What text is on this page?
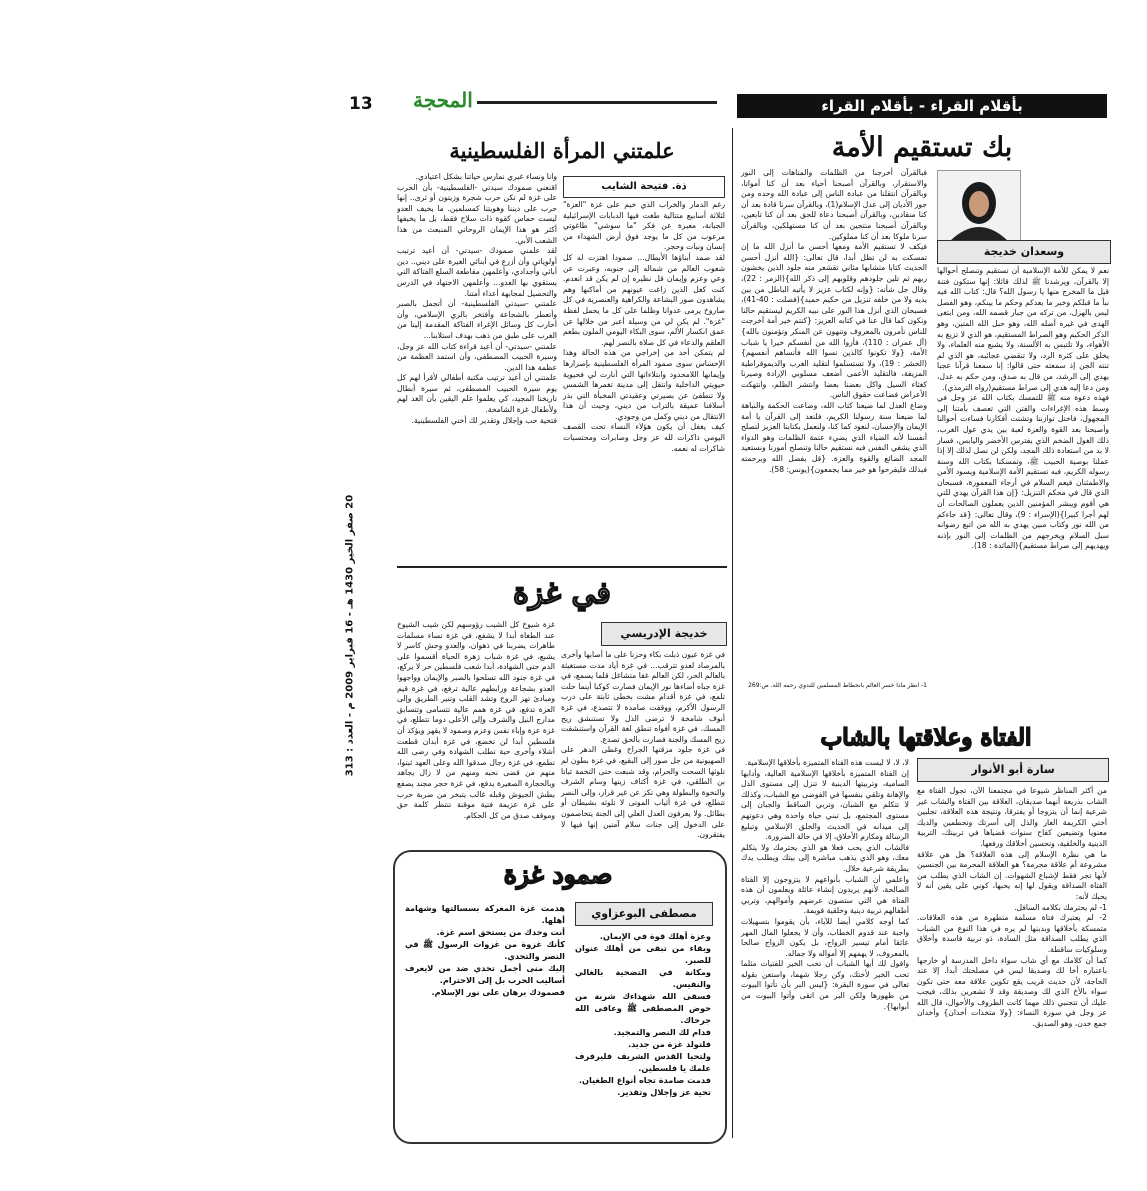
13 المحجة	بأقلام القراء - بأقلام القراء
20 صفر الخير 1430 هـ - 16 فبراير 2009 م - العدد : 313
بك تستقيم الأمة
وسعدان خديجة
نعم لا يمكن للأمة الإسلامية أن تستقيم وتنصلح أحوالها إلا بالقرآن، ويرشدنا ﷺ لذلك قائلا: إنها ستكون فتنة قيل ما المخرج منها يا رسول الله؟ قال: كتاب الله فيه نبأ ما قبلكم وخبر ما بعدكم وحكم ما بينكم، وهو الفصل ليس بالهزل، من تركه من جبار قصمه الله، ومن ابتغى الهدى في غيره أضله الله، وهو حبل الله المتين، وهو الذكر الحكيم وهو الصراط المستقيم، هو الذي لا تزيغ به الأهواء، ولا تلتبس به الألسنة، ولا يشبع منه العلماء، ولا يخلق على كثرة الرد، ولا تنقضي عجائبه، هو الذي لم تنته الجن إذ سمعته حتى قالوا: إنا سمعنا قرآنا عجبا يهدي إلى الرشد، من قال به صدق، ومن حكم به عدل، ومن دعا إليه هدي إلى صراط مستقيم(رواه الترمذي).
فهذه دعوة منه ﷺ للتمسك بكتاب الله عز وجل في وسط هذه الإغراءات والفتن التي تعصف بأمتنا إلى المجهول، فاختل توازننا وتشتت أفكارنا فساءت أحوالنا وأصبحنا بعد القوة والعزة لعبة بين يدي عول الغرب، ذلك الغول الضخم الذي يفترس الأخضر واليابس، فسار لا بد من استعادة ذلك المجد، ولكن لن نصل لذلك إلا إذا عملنا بوصية الحبيب ﷺ، وتمسكنا بكتاب الله وسنة رسوله الكريم، فبه تستقيم الأمة الإسلامية ويسود الأمن والاطمئنان فيعم السلام في أرجاء المعمورة، فسبحان الذي قال في محكم التنزيل: {إن هذا القرآن يهدي للتي هي أقوم ويبشر المؤمنين الذين يعملون الصالحات أن لهم أجرا كبيرا}(الإسراء : 9)، وقال تعالى: {قد جاءكم من الله نور وكتاب مبين يهدي به الله من اتبع رضوانه سبل السلام ويخرجهم من الظلمات إلى النور بإذنه ويهديهم إلى صراط مستقيم}(المائدة : 18).
فبالقرآن أخرجنا من الظلمات والمتاهات إلى النور والاستقرار، وبالقرآن أصبحنا أحياء بعد أن كنا أمواتا، وبالقرآن انتقلنا من عبادة الناس إلى عبادة الله وحده ومن جور الأديان إلى عدل الإسلام(1)، وبالقرآن سرنا قادة بعد أن كنا منقادين، وبالقرآن أصبحنا دعاة للحق بعد أن كنا تابعين، وبالقرآن أصبحنا منتجين بعد أن كنا مستهلكين، وبالقرآن سرنا ملوكا بعد أن كنا مملوكين.
فيكف لا تستقيم الأمة ومعها أحسن ما أنزل الله ما إن تمسكت به لن تظل أبدا، قال تعالى: {الله أنزل أحسن الحديث كتابا متشابها مثاني تقشعر منه جلود الذين يخشون ربهم ثم تلين جلودهم وقلوبهم إلى ذكر الله}(الزمر : 22)، وقال جل شأنه: {وإنه لكتاب عزيز لا يأتيه الباطل من بين يديه ولا من خلفه تنزيل من حكيم حميد}(فصلت : 40-41)، فسبحان الذي أنزل هذا النور على نبيه الكريم ليستقيم حالنا ونكون كما قال عنا في كتابه العزيز: {كنتم خير أمة أخرجت للناس تأمرون بالمعروف وتنهون عن المنكر وتؤمنون بالله}(آل عمران : 110)، فأروا الله من أنفسكم خيرا يا شباب الأمة، {ولا تكونوا كالذين نسوا الله فأنساهم أنفسهم}(الحشر : 19)، ولا تستسلموا لتقليد الغرب والديموقراطية المزيفة، فالتقليد الأعمى أضعف مسلوبي الإرادة وصيرنا كغثاء السيل واكل بعضنا بعضا وانتشر الظلم، وانتهكت الأعراض فضاعت حقوق الناس.
وضاع العدل لما ضيعنا كتاب الله، وضاعت الحكمة والنباهة لما ضيعنا سنة رسولنا الكريم، فلنعد إلى القرآن يا أمة الإيمان والإحسان، لنعود كما كنا، ولنعمل بكتابنا العزيز لتصلح أنفسنا لأنه الضياء الذي يضيء عتمة الظلمات وهو الدواء الذي يشفي النفس فبه نستقيم حالنا وتنصلح أمورنا ونستعيد المجد الضائع والقوة والعزة. {قل بفضل الله وبرحمته فبذلك فليفرحوا هو خير مما يجمعون}(يونس: 58).
1- انظر ماذا خسر العالم بانحطاط المسلمين للندوي رحمه الله. ص:269
علمتني المرأة الفلسطينية
ذة. فتيحة الشايب
رغم الدمار والخراب الذي خيم على غزة "العزة" لثلاثة أسابيع متتالية طغت فيها الدبابات الإسرائيلية الجبانة، معبرة عن فكر "ما سوشي" طاغوتي مرعوب من كل ما يوجد فوق أرض الشهداء من إنسان ونبات وحجر.
لقد صمد أبناؤها الأبطال... صمودا اهتزت له كل شعوب العالم من شماله إلى جنوبه، وعبرت عن وعي وعزم وإيمان قل نظيره إن لم يكن قد انعدم. كنت كغل الذين زاغت عيونهم من أماكنها وهم يشاهدون صور البشاعة والكراهية والعنصرية في كل صاروخ يرمى عدوانا وظلما على كل ما يحمل لفظة "غزة". لم يكن لي من وسيلة أعبر من خلالها عن عمق انكسار الألم، سوى البكاء اليومي الملون بطعم العلقم والدعاء في كل صلاة بالنصر لهم.
لم يتمكن أحد من إخراجي من هذه الحالة وهذا الإحساس سوى صمود المرأة الفلسطينية بإصرارها وإيمانها اللامحدود وابتلاءاتها التي أنارت لي فحيوية حيويتي الداخلية وانتقل إلى مدينة تغمرها الشمس ولا تنطفئ عن بصيرتي وعقيدتي المخبأة التي بذر أسلافنا عميقة بالتراب من ديني، وحيث أن هذا الانتقال من ديني وكمل من وجودي.
كيف يغفل أن يكون هؤلاء النساء تحت القصف اليومي ذاكرات لله عز وجل وصابرات ومحتسبات شاكرات له نعمه.
وانا ونساء غيري نمارس حياتنا بشكل اعتيادي.
اقنعني صمودك سيدتي -الفلسطينية- بأن الحرب على غزة لم تكن حرب شجرة وزيتون أو ثرى.. إنها حرب على ديننا وهويتنا كمسلمين. ما يخيف العدو ليست حماس كقوة ذات سلاح فقط، بل ما يخيفها أكثر هو هذا الإيمان الروحاني المنبعث من هذا الشعب الأبي.
لقد علمني صمودك -سيدتي- أن أعيد ترتيب أولوياتي وأن أزرع في أبنائي الغيرة على ديني.. دين أبائي وأجدادي، وأعلمهن مقاطعة السلع الفتاكة التي يستقوي بها العدو... وأعلمهن الاجتهاد في الدرس والتحصيل لمجابهة أعداء أمتنا.
علمتني -سيدتي الفلسطينية- أن أتجمل بالصبر وأتعطر بالشجاعة وأفتخر بالزي الإسلامي، وأن أحارب كل وسائل الإغراء الفتاكة المقدمة إلينا من الغرب على طبق من ذهب بهدف استلابنا...
علمتني -سيدتي- أن أعيد قراءة كتاب الله عز وجل، وسيرة الحبيب المصطفى، وأن استمد العظمة من عظمة هذا الدين.
علمتني أن أعيد ترتيب مكتبة أطفالي لأقرأ لهم كل يوم سيرة الحبيب المصطفى، ثم سيرة أبطال تاريخنا المجيد، كي يعلموا علم اليقين بأن الغد لهم ولأطفال غزة الشامخة.
فتحية حب وإجلال وتقدير لك أختي الفلسطينية.
في غزة
خديجة الإدريسي
في غزة عيون ذبلت بكاء وحزنا على ما أصابها وأخرى بالمرصاد لعدو تترقب... في غزة أياد مدت مستغيثة بالعالم الحر، لكن العالم غفا متشاغل قلما يسمع، في غزة جباه أضاءها نور الإيمان فصارت كوكبا أينما حلت تلمع، في غزة أقدام مشت بخطى ثابتة على درب الرسول الأكرم، ووقفت صامدة لا تتصدع، في غزة أنوف شامخة لا ترضى الذل ولا تستنشق ريح المسك. في غزة أفواه تنطق لغة القرآن واستنشقت ريح المسك والجنة فصارت بالحق تصدع.
في غزة جلود مزقتها الجراح وغطى الدهر على الصهيونية من جل صور إلى البقيع، في غزة بطون لم تلوثها السحت والحرام، وقد شبعت حتى التخمة ثباتا بن الطلقي، في غزة أكتاف زينها وسام الشرف والنخوة والبطولة وهي تكز عن غير قرار، وإلى النصر تتطلع، في غزة أثياب الموتى لا تلوثه بشيطان أو بطائل. ولا يعرفون العدل العلي إلى الجنة يتخاصمون على الدخول إلى جنات سلام آمنين إنها فيها لا يفتقرون.
غزة شيوخ كل الشيب رؤوسهم لكن شيب الشيوخ عند الطغاة أبدا لا يشفع، في غزة نساء مسلمات طاهرات يضربنا في ذهوان، والعدو وحش كاسر لا يشبع، في غزة شباب زهرة الحياة أقسموا على الدم حتى الشهادة، أبدا شعب فلسطين حر لا يركع، في غزة جنود الله تسلحوا بالصبر والإيمان وواجهوا العدو بشجاعة ورابطهم عالية ترفع، في غزة قيم ومبادئ تهز الروح وتشد القلب وتنير الطريق وإلى العزة تدفع، في غزة همم عالية تتسامى وتتسابق مدارج النيل والشرف وإلى الأعلى دوما تتطلع، في غزة عزة وإباء نفس وعزم وصمود لا يقهر ويؤكد أن فلسطين أبدا لن تخضع، في غزة أبدان قطعت أشلاء وأخرى حية تطلب الشهادة وفي رضى الله تطمع، في غزة رجال صدقوا الله وعلى العهد ثبتوا، منهم من قضى نحبه ومنهم من لا زال يجاهد وبالحجارة الصغيرة يدفع، في غزة حجر مجند يصفع بطش الجيوش وقبله غالب يتبخر من ضربة حرب على غزة عزيمة فتية موقنة تنتظر كلمة حق وموقف صدق من كل الحكام.
الفتاة وعلاقتها بالشاب
سارة أبو الأنوار
من أكثر المناظر شيوعا في مجتمعنا الآن، تجول الفتاة مع الشاب بذريعة أنهما صديقان، العلاقة بين الفتاة والشاب غير شرعية إنما أن يتزوجا أو يفترقا، ونتيجة هذه العلاقة، تجلبين أختي الكريمة العار والذل إلى أسرتك وتحطمين والديك معنويا وتضيعين كفاح سنوات قضياها في تربيتك، التربية الدينية والخلقية، وتحسين أخلاقك ورفعها.
ما هي نظرة الإسلام إلى هذه العلاقة؟ هل هي علاقة مشروعة أم علاقة محرمة؟ هو العلاقة المحرمة بين الجنسين لأنها تجر فقط لإشباع الشهوات. إن الشاب الذي يطلب من الفتاة الصداقة ويقول لها إنه يحبها، كوني على يقين أنه لا يحبك لأنه:
1- لم يحترمك بكلامه السافل.
2- لم يعتبرك فتاة مسلمة متطهرة من هذه العلاقات. متمسكة بأخلاقها وبدينها لم يره في هذا النوع من الشباب الذي يطلب الصداقة مثل السادة، ذو تربية فاسدة وأخلاق وسلوكيات ساقطة.
كما أن كلامك مع أي شاب سواء داخل المدرسة أو خارجها باعتباره أخا لك وصديقا ليس في مصلحتك أبدا. إلا عند الحاجة، لأن حديث قريب يقع تكوين علاقة معه حتى تكون سواء بالأخ الذي لك وصديقة وقد لا تشعرين بذلك، فيجب عليك أن تتجنبي ذلك مهما كانت الظروف والأحوال، قال الله عز وجل في سورة النساء: {ولا متخذات أخدان} وأخدان جمع خدن، وهو الصديق.
لا، لا، لا ليست هذه الفتاة المتميزة بأخلاقها الإسلامية.
إن الفتاة المتميزة بأخلاقها الإسلامية العالية، وأدابها السامية، وتربيتها الدينية لا تنزل إلى مستوى الذل والإهانة وتلقي بنفسها في الفوضى مع الشباب، وكذلك لا تتكلم مع الشبان، وتربي الساقط والجبان إلى مستوى المجتمع، بل تبني حياة واحدة وهي دعوتهم إلى ميدانه في الحديث والخلق الإسلامي وتبليغ الرسالة ومكارم الأخلاق، إلا في حالة الضرورة.
فالشاب الذي يحب فعلا هو الذي يحترمك ولا يتكلم معك، وهو الذي يذهب مباشرة إلى بيتك ويطلب يدك بطريقة شرعية حلال.
واعلمي أن الشباب بأنواعهم لا يتزوجون إلا الفتاة الصالحة، لأنهم يريدون إنشاء عائلة ويعلمون أن هذه الفتاة هي التي ستصون عرضهم وأموالهم، وتربي أطفالهم تربية دينية وخلقية قويمة.
كما أوجه كلامي أيضا للآباء، بأن يقوموا بتسهيلات واجبة عند قدوم الخطاب، وأن لا يجعلوا المال المهر عائقا أمام تيسير الزواج، بل يكون الزواج صالحا بالمعروف، لا يهمهم إلا أمواله ولا جماله.
واقول لك أيها الشباب أن تحب الخير للفتيات مثلما تحب الخير لأختك، وكن رجلا شهما، واستعن بقوله تعالى في سورة البقرة: {ليس البر بأن تأتوا البيوت من ظهورها ولكن البر من اتقى وأتوا البيوت من أبوابها}.
صمود غزة
مصطفى البوعزاوي
وعزة أهلك قوة في الإيمان.
وبقاء من تبقى من أهلك عنوان للصبر.
ومكانة في التضحية بالغالي والنفيس.
فسقى الله شهداءك شربة من حوض المصطفى ﷺ وعافى الله جرحاك.
فدام لك النصر والتمجيد.
فلتولد غزة من جديد.
ولتحيا القدس الشريف فليرفرف علمك يا فلسطين.
فدمت صامدة تجاه أنواع الطغيان.
تحية عز وإجلال وتقدير.
هدمت غزة المعركة بسسالتها وشهامة أهلها.
أنت وحدك من يستحق اسم غزة.
كأنك غزوة من غزوات الرسول ﷺ في النصر والتحدي.
إليك منى أجمل تحدي ضد من لايعرف أساليب الحرب بل إلى الاحترام.
فصمودك برهان على نور الإسلام.
